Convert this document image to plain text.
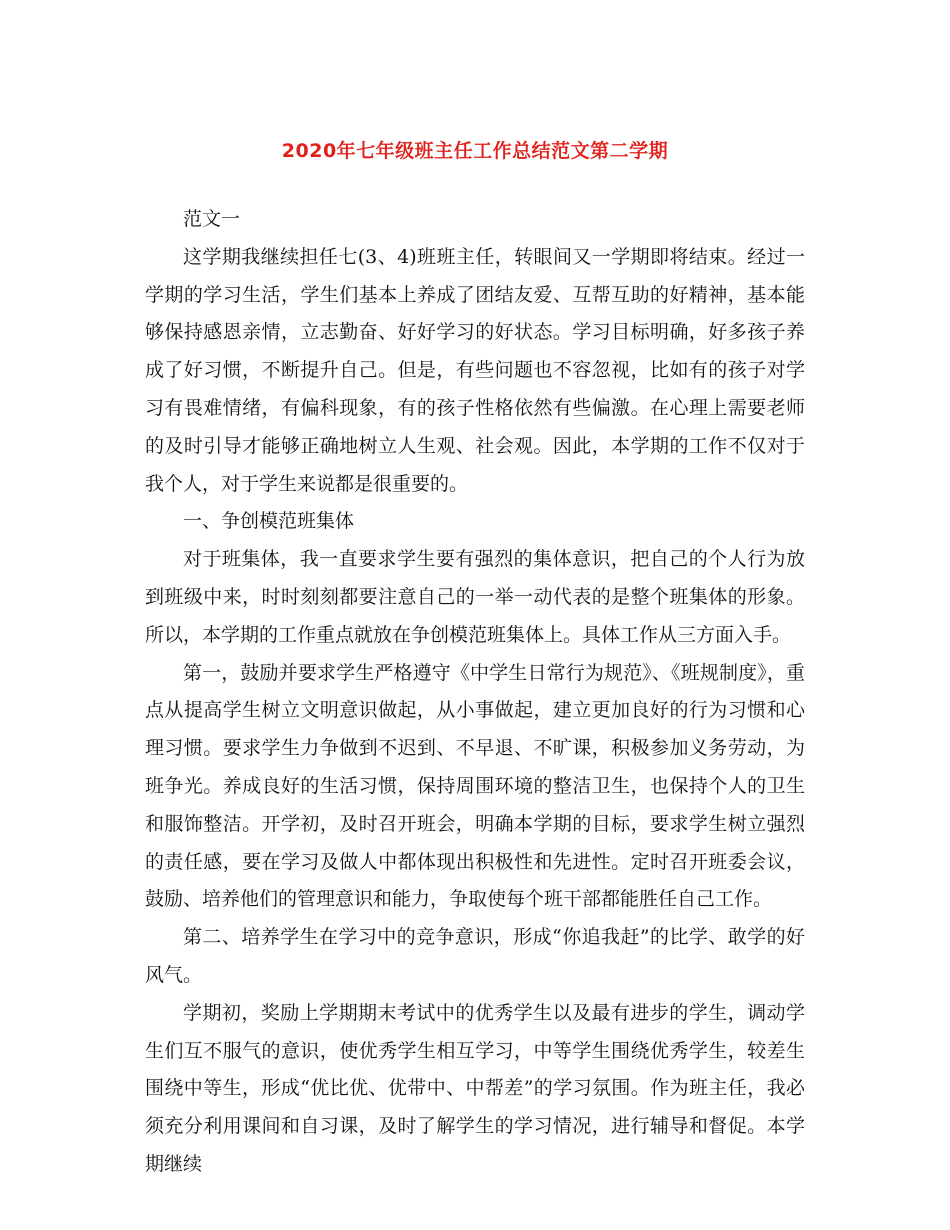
2020年七年级班主任工作总结范文第二学期

范文一

这学期我继续担任七(3、4)班班主任，转眼间又一学期即将结束。经过一学期的学习生活，学生们基本上养成了团结友爱、互帮互助的好精神，基本能够保持感恩亲情，立志勤奋、好好学习的好状态。学习目标明确，好多孩子养成了好习惯，不断提升自己。但是，有些问题也不容忽视，比如有的孩子对学习有畏难情绪，有偏科现象，有的孩子性格依然有些偏激。在心理上需要老师的及时引导才能够正确地树立人生观、社会观。因此，本学期的工作不仅对于我个人，对于学生来说都是很重要的。

一、争创模范班集体

对于班集体，我一直要求学生要有强烈的集体意识，把自己的个人行为放到班级中来，时时刻刻都要注意自己的一举一动代表的是整个班集体的形象。所以，本学期的工作重点就放在争创模范班集体上。具体工作从三方面入手。

第一，鼓励并要求学生严格遵守《中学生日常行为规范》、《班规制度》，重点从提高学生树立文明意识做起，从小事做起，建立更加良好的行为习惯和心理习惯。要求学生力争做到不迟到、不早退、不旷课，积极参加义务劳动，为班争光。养成良好的生活习惯，保持周围环境的整洁卫生，也保持个人的卫生和服饰整洁。开学初，及时召开班会，明确本学期的目标，要求学生树立强烈的责任感，要在学习及做人中都体现出积极性和先进性。定时召开班委会议，鼓励、培养他们的管理意识和能力，争取使每个班干部都能胜任自己工作。

第二、培养学生在学习中的竞争意识，形成“你追我赶”的比学、敢学的好风气。

学期初，奖励上学期期末考试中的优秀学生以及最有进步的学生，调动学生们互不服气的意识，使优秀学生相互学习，中等学生围绕优秀学生，较差生围绕中等生，形成“优比优、优带中、中帮差”的学习氛围。作为班主任，我必须充分利用课间和自习课，及时了解学生的学习情况，进行辅导和督促。本学期继续
